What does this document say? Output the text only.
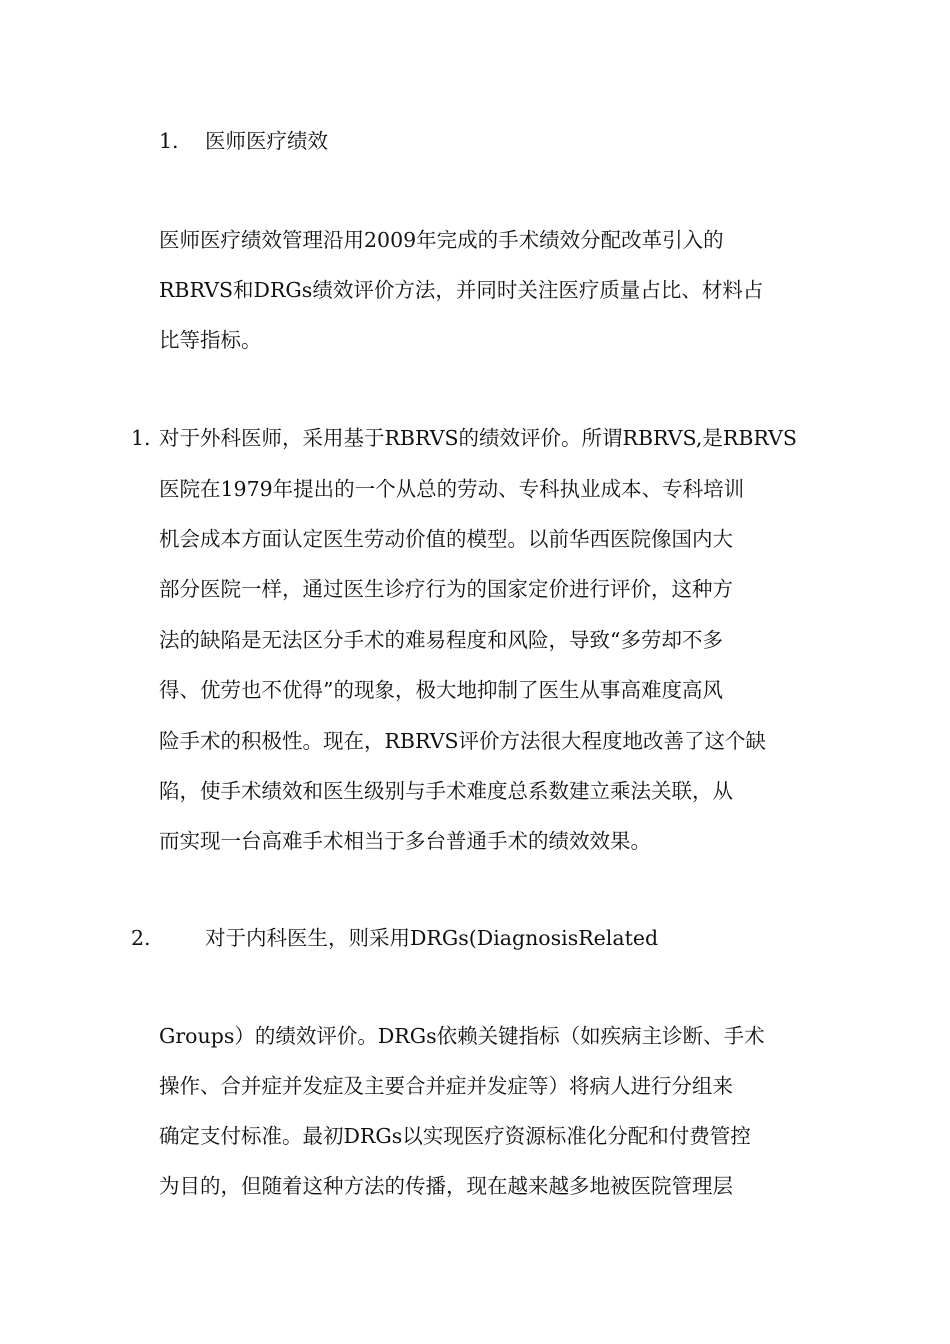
1. 医师医疗绩效
医师医疗绩效管理沿用2009年完成的手术绩效分配改革引入的
RBRVS和DRGs绩效评价方法，并同时关注医疗质量占比、材料占
比等指标。
1. 对于外科医师，采用基于RBRVS的绩效评价。所谓RBRVS,是RBRVS
医院在1979年提出的一个从总的劳动、专科执业成本、专科培训
机会成本方面认定医生劳动价值的模型。以前华西医院像国内大
部分医院一样，通过医生诊疗行为的国家定价进行评价，这种方
法的缺陷是无法区分手术的难易程度和风险，导致“多劳却不多
得、优劳也不优得”的现象，极大地抑制了医生从事高难度高风
险手术的积极性。现在，RBRVS评价方法很大程度地改善了这个缺
陷，使手术绩效和医生级别与手术难度总系数建立乘法关联，从
而实现一台高难手术相当于多台普通手术的绩效效果。
2.	对于内科医生，则采用DRGs(DiagnosisRelated
Groups）的绩效评价。DRGs依赖关键指标（如疾病主诊断、手术
操作、合并症并发症及主要合并症并发症等）将病人进行分组来
确定支付标准。最初DRGs以实现医疗资源标准化分配和付费管控
为目的，但随着这种方法的传播，现在越来越多地被医院管理层
